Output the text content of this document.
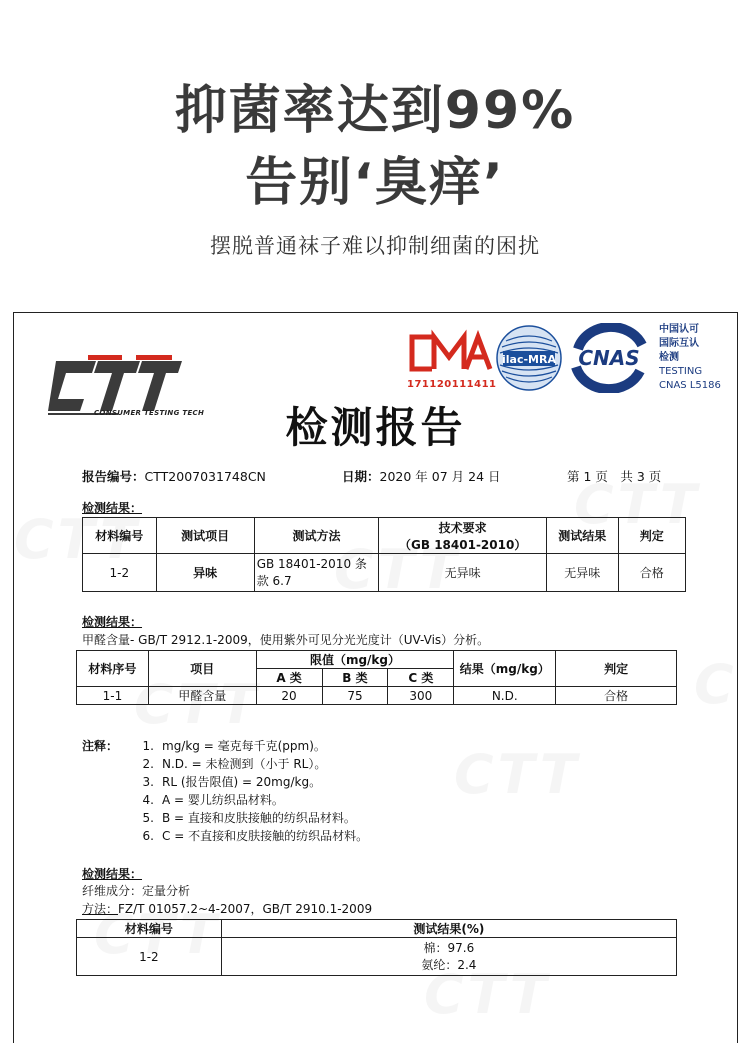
抑菌率达到99%
告别‘臭痒’
摆脱普通袜子难以抑制细菌的困扰
CONSUMER TESTING TECH
171120111411
ilac-MRA CNAS
中国认可
国际互认
检测
TESTING
CNAS L5186
检测报告
报告编号：CTT2007031748CN	日期：2020 年 07 月 24 日	第 1 页　共 3 页
检测结果：
材料编号	测试项目	测试方法	技术要求
（GB 18401-2010）	测试结果	判定
1-2	异味	GB 18401-2010 条
款 6.7	无异味	无异味	合格
检测结果：
甲醛含量- GB/T 2912.1-2009，使用紫外可见分光光度计（UV-Vis）分析。
材料序号	项目	限值（mg/kg）			结果（mg/kg）	判定
		A 类	B 类	C 类		
1-1	甲醛含量	20	75	300	N.D.	合格
注释：	1. mg/kg = 毫克每千克(ppm)。
2. N.D. = 未检测到（小于 RL）。
3. RL (报告限值) = 20mg/kg。
4. A = 婴儿纺织品材料。
5. B = 直接和皮肤接触的纺织品材料。
6. C = 不直接和皮肤接触的纺织品材料。
检测结果：
纤维成分：定量分析
方法：FZ/T 01057.2~4-2007，GB/T 2910.1-2009
材料编号	测试结果(%)
1-2	棉：97.6
氨纶：2.4
